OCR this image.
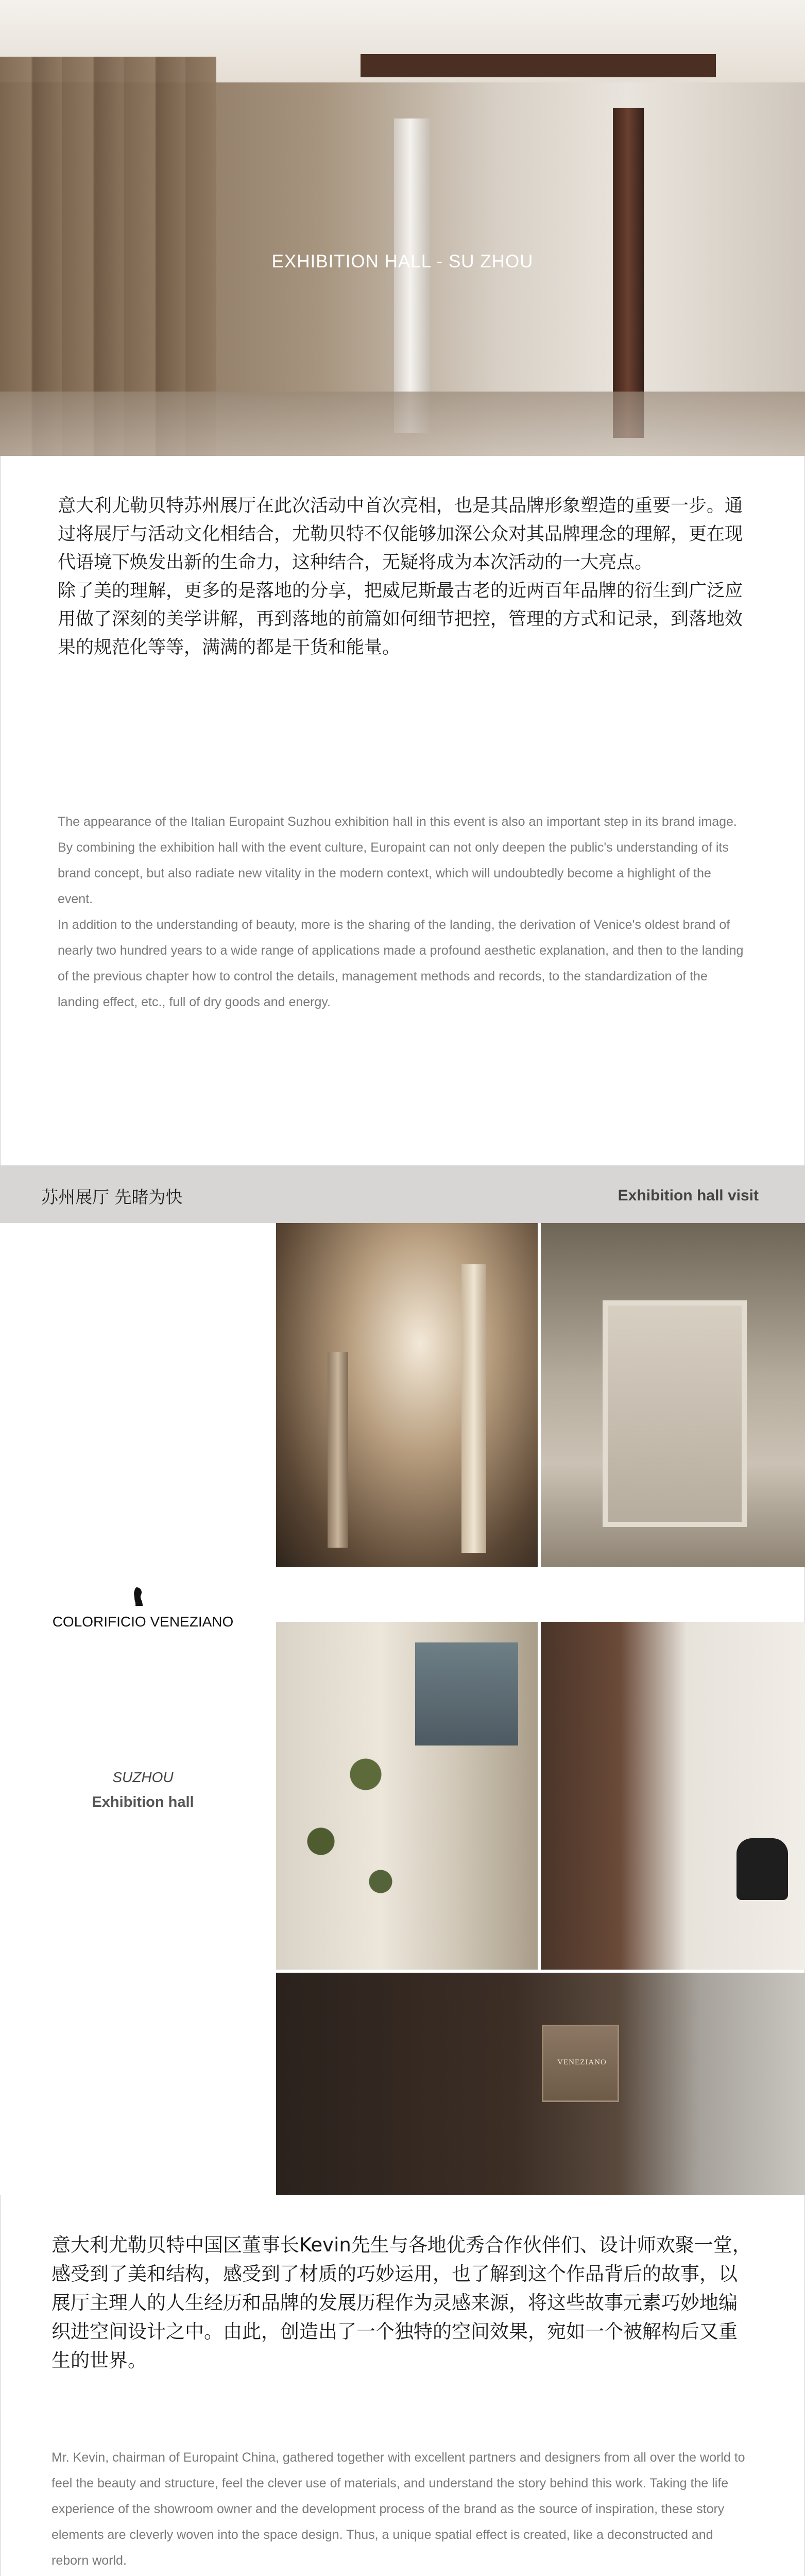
EXHIBITION HALL - SU ZHOU

意大利尤勒贝特苏州展厅在此次活动中首次亮相，也是其品牌形象塑造的重要一步。通过将展厅与活动文化相结合，尤勒贝特不仅能够加深公众对其品牌理念的理解，更在现代语境下焕发出新的生命力，这种结合，无疑将成为本次活动的一大亮点。

除了美的理解，更多的是落地的分享，把威尼斯最古老的近两百年品牌的衍生到广泛应用做了深刻的美学讲解，再到落地的前篇如何细节把控，管理的方式和记录，到落地效果的规范化等等，满满的都是干货和能量。

The appearance of the Italian Europaint Suzhou exhibition hall in this event is also an important step in its brand image. By combining the exhibition hall with the event culture, Europaint can not only deepen the public's understanding of its brand concept, but also radiate new vitality in the modern context, which will undoubtedly become a highlight of the event.

In addition to the understanding of beauty, more is the sharing of the landing, the derivation of Venice's oldest brand of nearly two hundred years to a wide range of applications made a profound aesthetic explanation, and then to the landing of the previous chapter how to control the details, management methods and records, to the standardization of the landing effect, etc., full of dry goods and energy.

苏州展厅 先睹为快	Exhibition hall visit
COLORIFICIO VENEZIANO
SUZHOU
Exhibition hall
VENEZIANO
意大利尤勒贝特中国区董事长Kevin先生与各地优秀合作伙伴们、设计师欢聚一堂，感受到了美和结构，感受到了材质的巧妙运用，也了解到这个作品背后的故事，以展厅主理人的人生经历和品牌的发展历程作为灵感来源，将这些故事元素巧妙地编织进空间设计之中。由此，创造出了一个独特的空间效果，宛如一个被解构后又重生的世界。
Mr. Kevin, chairman of Europaint China, gathered together with excellent partners and designers from all over the world to feel the beauty and structure, feel the clever use of materials, and understand the story behind this work. Taking the life experience of the showroom owner and the development process of the brand as the source of inspiration, these story elements are cleverly woven into the space design. Thus, a unique spatial effect is created, like a deconstructed and reborn world.
